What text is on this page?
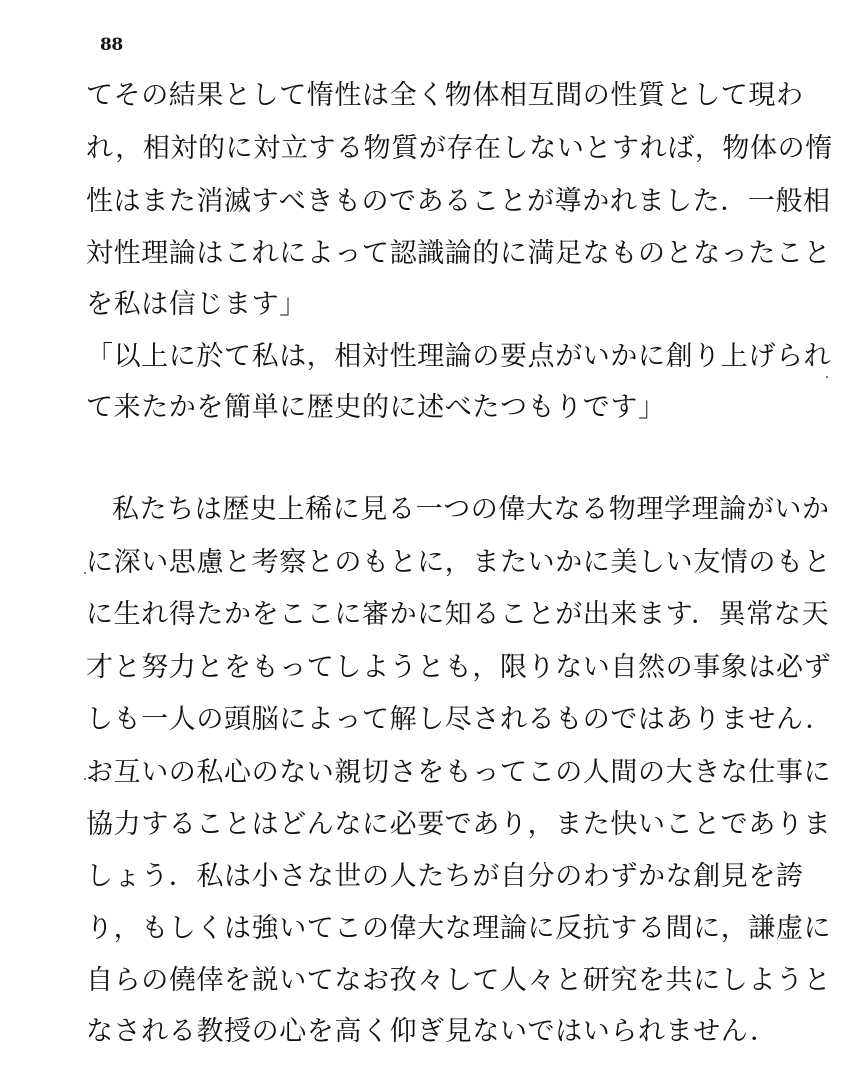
88
てその結果として惰性は全く物体相互間の性質として現わ
れ，相対的に対立する物質が存在しないとすれば，物体の惰
性はまた消滅すべきものであることが導かれました．一般相
対性理論はこれによって認識論的に満足なものとなったこと
を私は信じます」
「以上に於て私は，相対性理論の要点がいかに創り上げられ
て来たかを簡単に歴史的に述べたつもりです」
私たちは歴史上稀に見る一つの偉大なる物理学理論がいか
に深い思慮と考察とのもとに，またいかに美しい友情のもと
に生れ得たかをここに審かに知ることが出来ます．異常な天
才と努力とをもってしようとも，限りない自然の事象は必ず
しも一人の頭脳によって解し尽されるものではありません．
お互いの私心のない親切さをもってこの人間の大きな仕事に
協力することはどんなに必要であり，また快いことでありま
しょう．私は小さな世の人たちが自分のわずかな創見を誇
り，もしくは強いてこの偉大な理論に反抗する間に，謙虚に
自らの僥倖を説いてなお孜々して人々と研究を共にしようと
なされる教授の心を高く仰ぎ見ないではいられません．
